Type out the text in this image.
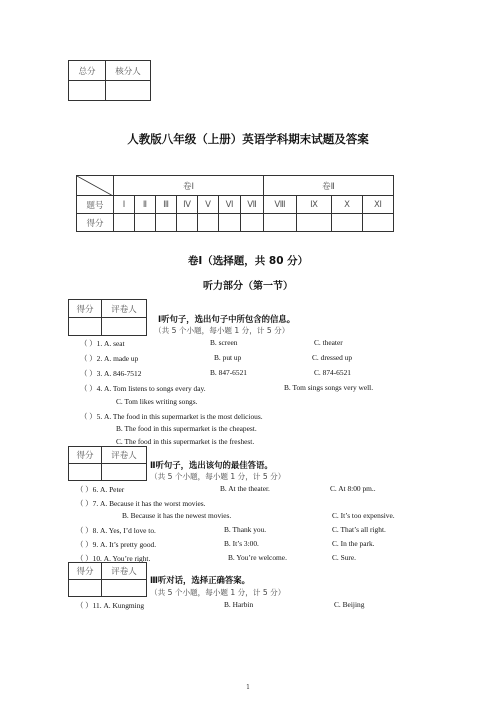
总分	核分人

人教版八年级（上册）英语学科期末试题及答案
	卷Ⅰ							卷Ⅱ			
题号	Ⅰ	Ⅱ	Ⅲ	Ⅳ	Ⅴ	Ⅵ	Ⅶ	Ⅷ	Ⅸ	Ⅹ	Ⅺ
得分											
卷Ⅰ（选择题，共 80 分）
听力部分（第一节）
得分	评卷人

Ⅰ听句子，选出句子中所包含的信息。
（共 5 个小题，每小题 1 分，计 5 分）
（ ）1. A. seat	B. screen	C. theater
（ ）2. A. made up	B. put up	C. dressed up
（ ）3. A. 846-7512	B. 847-6521	C. 874-6521
（ ）4. A. Tom listens to songs every day.	B. Tom sings songs very well.
C. Tom likes writing songs.
（ ）5. A. The food in this supermarket is the most delicious.
B. The food in this supermarket is the cheapest.
C. The food in this supermarket is the freshest.
得分	评卷人

Ⅱ听句子，选出该句的最佳答语。
（共 5 个小题，每小题 1 分，计 5 分）
（ ）6. A. Peter	B. At the theater.	C. At 8:00 pm..
（ ）7. A. Because it has the worst movies.
B. Because it has the newest movies.	C. It’s too expensive.
（ ）8. A. Yes, I’d love to.	B. Thank you.	C. That’s all right.
（ ）9. A. It’s pretty good.	B. It’s 3:00.	C. In the park.
（ ）10. A. You’re right.	B. You’re welcome.	C. Sure.
得分	评卷人

Ⅲ听对话，选择正确答案。
（共 5 个小题，每小题 1 分，计 5 分）
（ ）11. A. Kungming	B. Harbin	C. Beijing
1
